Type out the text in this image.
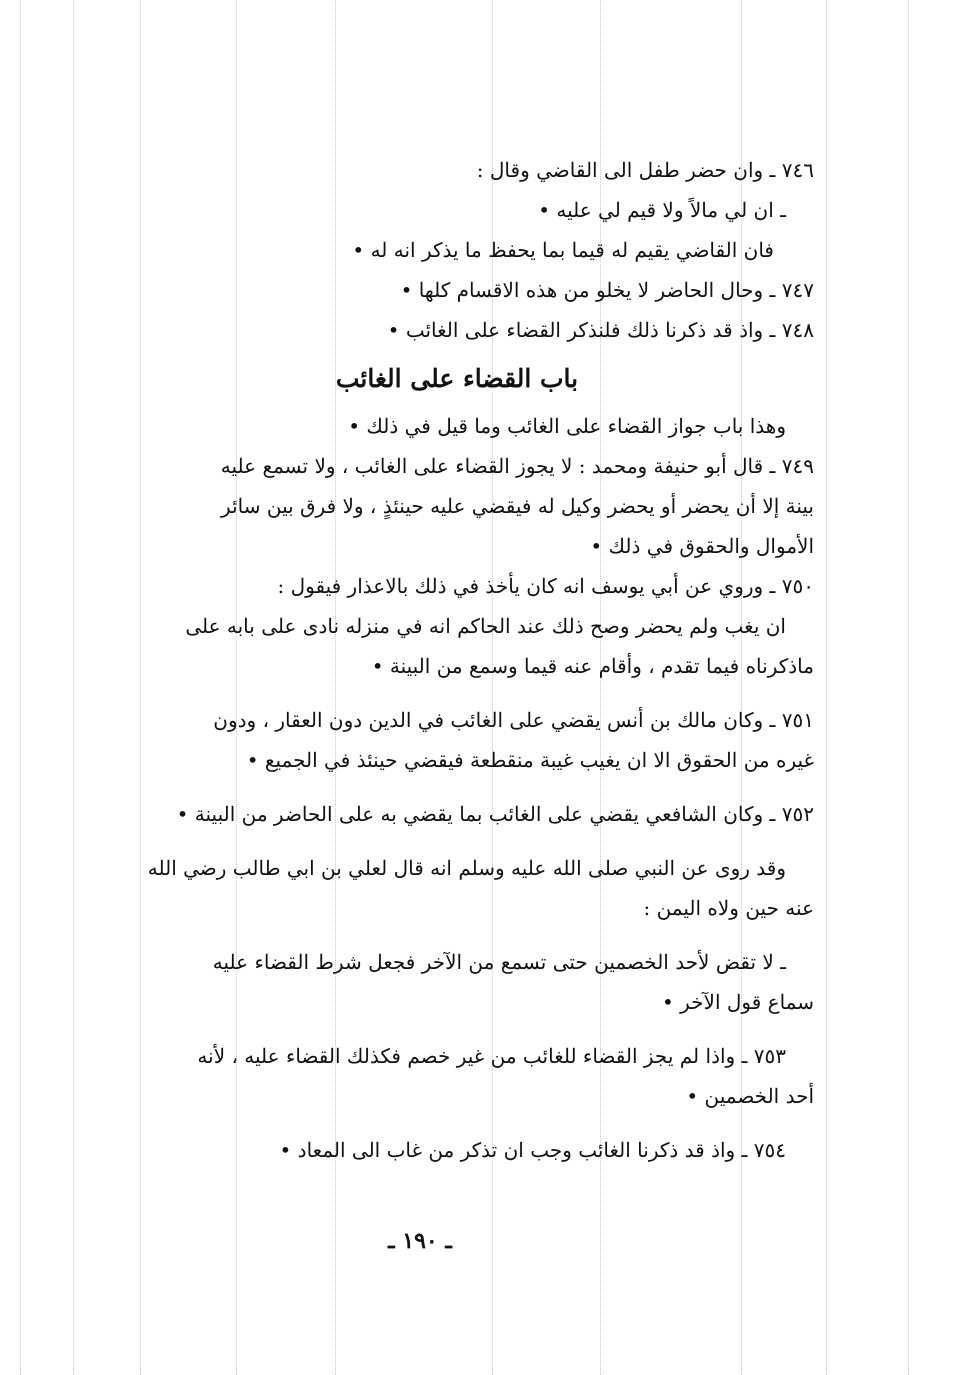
٧٤٦ ـ وان حضر طفل الى القاضي وقال :
ـ ان لي مالاً ولا قيم لي عليه •
فان القاضي يقيم له قيما بما يحفظ ما يذكر انه له •
٧٤٧ ـ وحال الحاضر لا يخلو من هذه الاقسام كلها •
٧٤٨ ـ واذ قد ذكرنا ذلك فلنذكر القضاء على الغائب •
باب القضاء على الغائب
وهذا باب جواز القضاء على الغائب وما قيل في ذلك •
٧٤٩ ـ قال أبو حنيفة ومحمد : لا يجوز القضاء على الغائب ، ولا تسمع عليه
بينة إلا أن يحضر أو يحضر وكيل له فيقضي عليه حينئذٍ ، ولا فرق بين سائر
الأموال والحقوق في ذلك •
٧٥٠ ـ وروي عن أبي يوسف انه كان يأخذ في ذلك بالاعذار فيقول :
ان يغب ولم يحضر وصح ذلك عند الحاكم انه في منزله نادى على بابه على
ماذكرناه فيما تقدم ، وأقام عنه قيما وسمع من البينة •
٧٥١ ـ وكان مالك بن أنس يقضي على الغائب في الدين دون العقار ، ودون
غيره من الحقوق الا ان يغيب غيبة منقطعة فيقضي حينئذ في الجميع •
٧٥٢ ـ وكان الشافعي يقضي على الغائب بما يقضي به على الحاضر من البينة •
وقد روى عن النبي صلى الله عليه وسلم انه قال لعلي بن ابي طالب رضي الله
عنه حين ولاه اليمن :
ـ لا تقض لأحد الخصمين حتى تسمع من الآخر فجعل شرط القضاء عليه
سماع قول الآخر •
٧٥٣ ـ واذا لم يجز القضاء للغائب من غير خصم فكذلك القضاء عليه ، لأنه
أحد الخصمين •
٧٥٤ ـ واذ قد ذكرنا الغائب وجب ان تذكر من غاب الى المعاد •
ـ ١٩٠ ـ
